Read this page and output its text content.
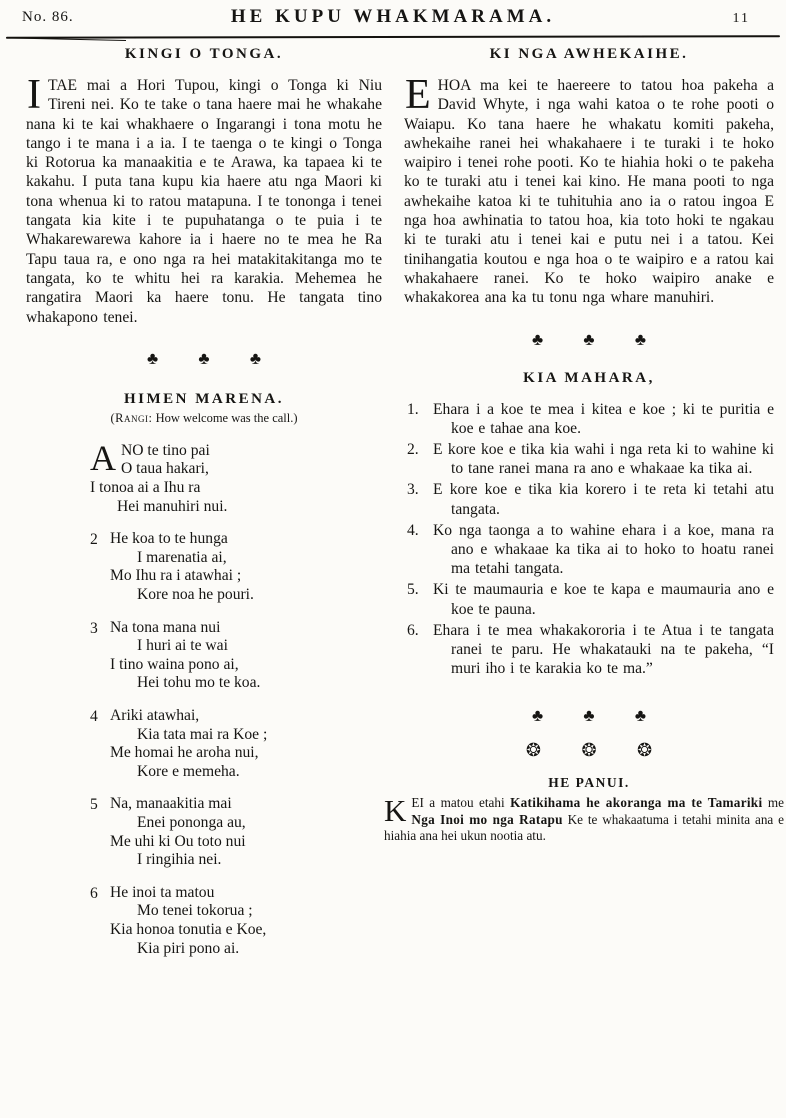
No. 86.	HE KUPU WHAKMARAMA.	11
KINGI O TONGA.

ITAE mai a Hori Tupou, kingi o Tonga ki Niu Tireni nei. Ko te take o tana haere mai he whakahe nana ki te kai whakhaere o Ingarangi i tona motu he tango i te mana i a ia. I te taenga o te kingi o Tonga ki Rotorua ka manaakitia e te Arawa, ka tapaea ki te kakahu. I puta tana kupu kia haere atu nga Maori ki tona whenua ki to ratou matapuna. I te tononga i tenei tangata kia kite i te pupuhatanga o te puia i te Whakarewarewa kahore ia i haere no te mea he Ra Tapu taua ra, e ono nga ra hei matakitakitanga mo te tangata, ko te whitu hei ra karakia. Mehemea he rangatira Maori ka haere tonu. He tangata tino whakapono tenei.

♣ ♣ ♣
HIMEN MARENA.
(Rangi: How welcome was the call.)
A NO te tino pai
O taua hakari,
I tonoa ai a Ihu ra
Hei manuhiri nui.
2 He koa to te hunga
I marenatia ai,
Mo Ihu ra i atawhai ;
Kore noa he pouri.
3 Na tona mana nui
I huri ai te wai
I tino waina pono ai,
Hei tohu mo te koa.
4 Ariki atawhai,
Kia tata mai ra Koe ;
Me homai he aroha nui,
Kore e memeha.
5 Na, manaakitia mai
Enei pononga au,
Me uhi ki Ou toto nui
I ringihia nei.
6 He inoi ta matou
Mo tenei tokorua ;
Kia honoa tonutia e Koe,
Kia piri pono ai.
KI NGA AWHEKAIHE.

EHOA ma kei te haereere to tatou hoa pakeha a David Whyte, i nga wahi katoa o te rohe pooti o Waiapu. Ko tana haere he whakatu komiti pakeha, awhekaihe ranei hei whakahaere i te turaki i te hoko waipiro i tenei rohe pooti. Ko te hiahia hoki o te pakeha ko te turaki atu i tenei kai kino. He mana pooti to nga awhekaihe katoa ki te tuhituhia ano ia o ratou ingoa E nga hoa awhinatia to tatou hoa, kia toto hoki te ngakau ki te turaki atu i tenei kai e putu nei i a tatou. Kei tinihangatia koutou e nga hoa o te waipiro e a ratou kai whakahaere ranei. Ko te hoko waipiro anake e whakakorea ana ka tu tonu nga whare manuhiri.

♣ ♣ ♣
KIA MAHARA,
1. Ehara i a koe te mea i kitea e koe ; ki te puritia e koe e tahae ana koe.
2. E kore koe e tika kia wahi i nga reta ki to wahine ki to tane ranei mana ra ano e whakaae ka tika ai.
3. E kore koe e tika kia korero i te reta ki tetahi atu tangata.
4. Ko nga taonga a to wahine ehara i a koe, mana ra ano e whakaae ka tika ai to hoko to hoatu ranei ma tetahi tangata.
5. Ki te maumauria e koe te kapa e maumauria ano e koe te pauna.
6. Ehara i te mea whakakororia i te Atua i te tangata ranei te paru. He whakatauki na te pakeha, “I muri iho i te karakia ko te ma.”
♣ ♣ ♣
❂ ❂ ❂
HE PANUI.

KEI a matou etahi Katikihama he akoranga ma te Tamariki me Nga Inoi mo nga Ratapu Ke te whakaatuma i tetahi minita ana e hiahia ana hei ukun nootia atu.
